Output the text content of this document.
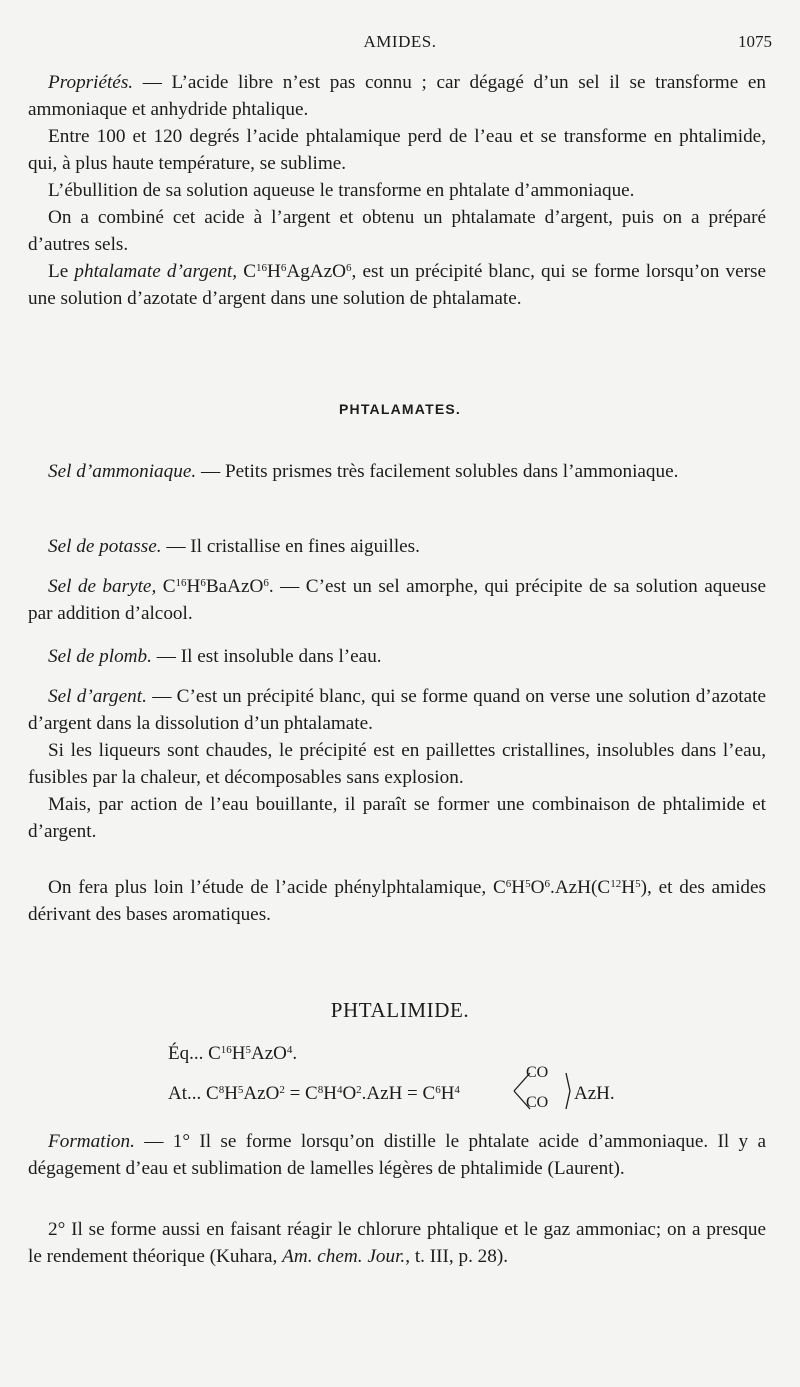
AMIDES.	1075

Propriétés. — L’acide libre n’est pas connu ; car dégagé d’un sel il se transforme en ammoniaque et anhydride phtalique.

Entre 100 et 120 degrés l’acide phtalamique perd de l’eau et se transforme en phtalimide, qui, à plus haute température, se sublime.

L’ébullition de sa solution aqueuse le transforme en phtalate d’ammoniaque.

On a combiné cet acide à l’argent et obtenu un phtalamate d’argent, puis on a préparé d’autres sels.

Le phtalamate d’argent, $C^{16}H^6AgAzO^6$, est un précipité blanc, qui se forme lorsqu’on verse une solution d’azotate d’argent dans une solution de phtalamate.

PHTALAMATES.

Sel d’ammoniaque. — Petits prismes très facilement solubles dans l’ammoniaque.

Sel de potasse. — Il cristallise en fines aiguilles.

Sel de baryte, $C^{16}H^6BaAzO^6$. — C’est un sel amorphe, qui précipite de sa solution aqueuse par addition d’alcool.

Sel de plomb. — Il est insoluble dans l’eau.

Sel d’argent. — C’est un précipité blanc, qui se forme quand on verse une solution d’azotate d’argent dans la dissolution d’un phtalamate.

Si les liqueurs sont chaudes, le précipité est en paillettes cristallines, insolubles dans l’eau, fusibles par la chaleur, et décomposables sans explosion.

Mais, par action de l’eau bouillante, il paraît se former une combinaison de phtalimide et d’argent.

On fera plus loin l’étude de l’acide phénylphtalamique, $C^6H^5O^6.AzH(C^{12}H^5)$, et des amides dérivant des bases aromatiques.

PHTALIMIDE.
Éq... $C^{16}H^5AzO^4$.
At... $C^8H^5AzO^2 = C^8H^4O^2.AzH = C^6H^4$
CO
CO AzH.

Formation. — 1° Il se forme lorsqu’on distille le phtalate acide d’ammoniaque. Il y a dégagement d’eau et sublimation de lamelles légères de phtalimide (Laurent).

2° Il se forme aussi en faisant réagir le chlorure phtalique et le gaz ammoniac; on a presque le rendement théorique (Kuhara, Am. chem. Jour., t. III, p. 28).
